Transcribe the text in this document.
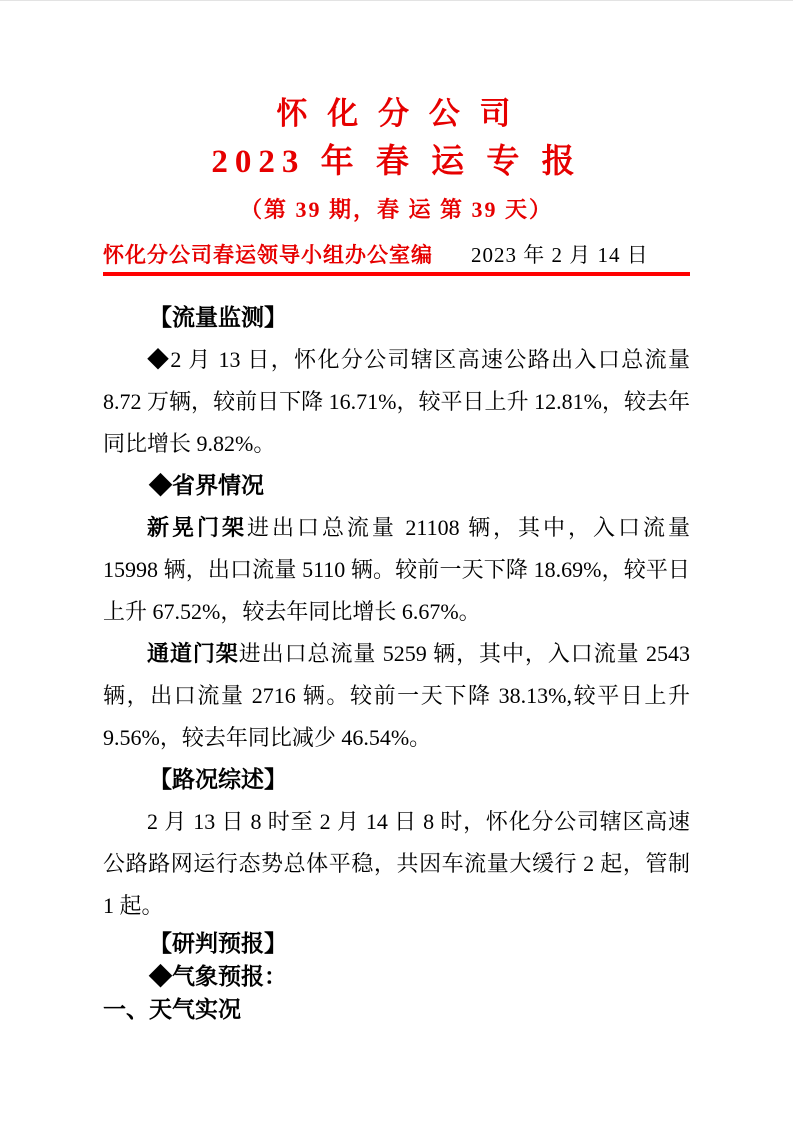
怀 化 分 公 司
2023 年 春 运 专 报
（第 39 期，春 运 第 39 天）
怀化分公司春运领导小组办公室编 2023 年 2 月 14 日
【流量监测】

◆2 月 13 日，怀化分公司辖区高速公路出入口总流量 8.72 万辆，较前日下降 16.71%，较平日上升 12.81%，较去年同比增长 9.82%。

◆省界情况

新晃门架进出口总流量 21108 辆，其中，入口流量 15998 辆，出口流量 5110 辆。较前一天下降 18.69%，较平日上升 67.52%，较去年同比增长 6.67%。

通道门架进出口总流量 5259 辆，其中，入口流量 2543 辆，出口流量 2716 辆。较前一天下降 38.13%,较平日上升 9.56%，较去年同比减少 46.54%。

【路况综述】

2 月 13 日 8 时至 2 月 14 日 8 时，怀化分公司辖区高速公路路网运行态势总体平稳，共因车流量大缓行 2 起，管制 1 起。

【研判预报】
◆气象预报：
一、天气实况
